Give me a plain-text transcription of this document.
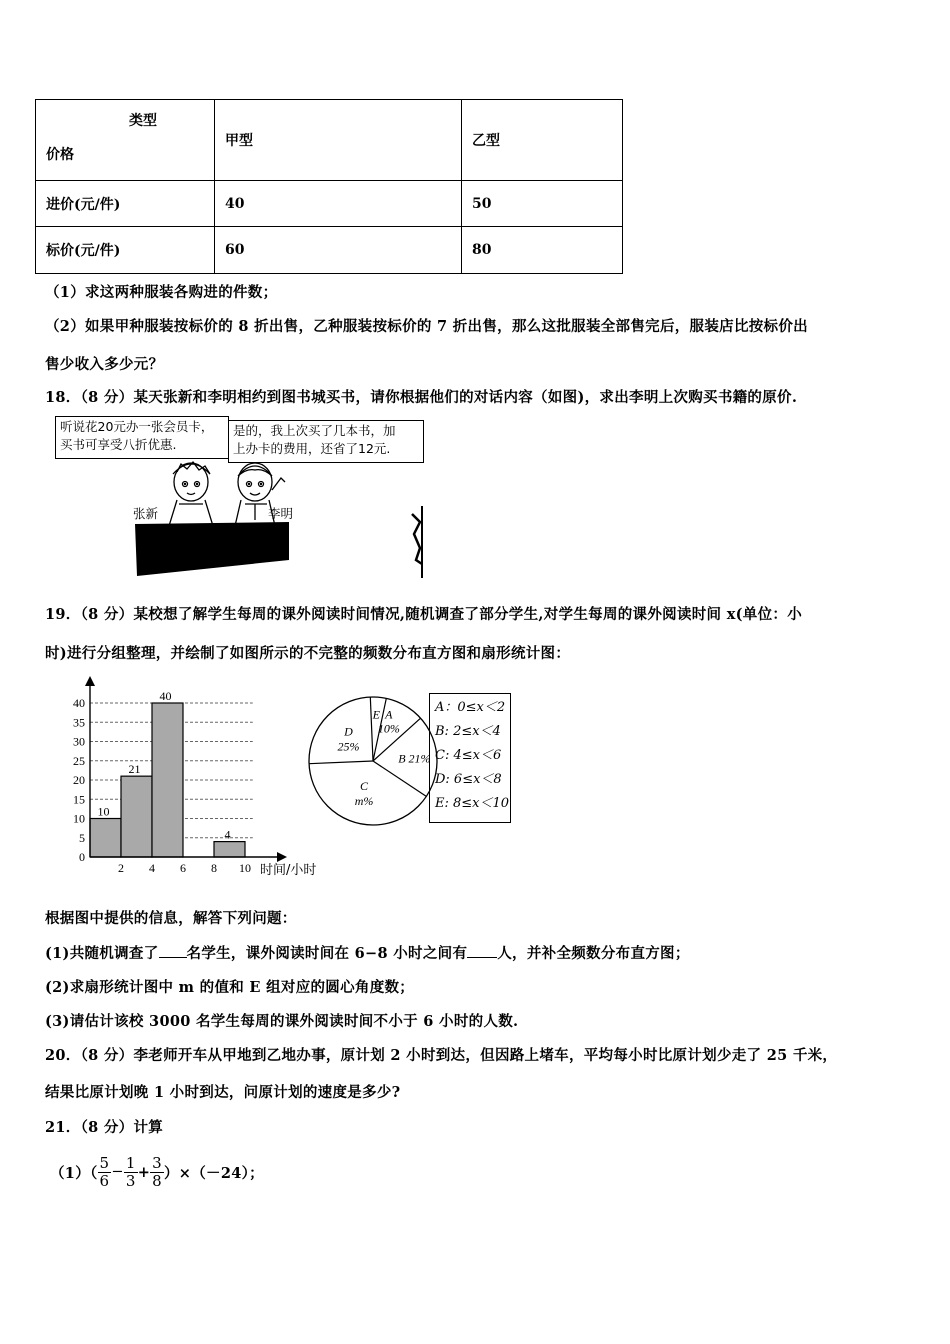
类型
价格	甲型	乙型
进价(元/件)	40	50
标价(元/件)	60	80
（1）求这两种服装各购进的件数；
（2）如果甲种服装按标价的 8 折出售，乙种服装按标价的 7 折出售，那么这批服装全部售完后，服装店比按标价出
售少收入多少元？
18．（8 分）某天张新和李明相约到图书城买书，请你根据他们的对话内容（如图)，求出李明上次购买书籍的原价.
听说花20元办一张会员卡，
买书可享受八折优惠.
是的，我上次买了几本书，加
上办卡的费用，还省了12元.
张新	李明
19．（8 分）某校想了解学生每周的课外阅读时间情况,随机调查了部分学生,对学生每周的课外阅读时间 x(单位：小
时)进行分组整理，并绘制了如图所示的不完整的频数分布直方图和扇形统计图：
0
5
10
15
20
25
30
35
40
10
21
40
4
2 4 6 8 10 时间/小时
A
10%
B 21%
C
m%
D
25%
E	A：0≤x＜2
B: 2≤x＜4
C: 4≤x＜6
D: 6≤x＜8
E: 8≤x＜10
根据图中提供的信息，解答下列问题：
(1)共随机调查了 名学生，课外阅读时间在 6−8 小时之间有 人，并补全频数分布直方图；
(2)求扇形统计图中 m 的值和 E 组对应的圆心角度数；
(3)请估计该校 3000 名学生每周的课外阅读时间不小于 6 小时的人数.
20．（8 分）李老师开车从甲地到乙地办事，原计划 2 小时到达，但因路上堵车，平均每小时比原计划少走了 25 千米，
结果比原计划晚 1 小时到达，问原计划的速度是多少?
21．（8 分）计算
$(1)( \frac{5}{6} - \frac{1}{3} + \frac{3}{8} )\times(-24)$；
